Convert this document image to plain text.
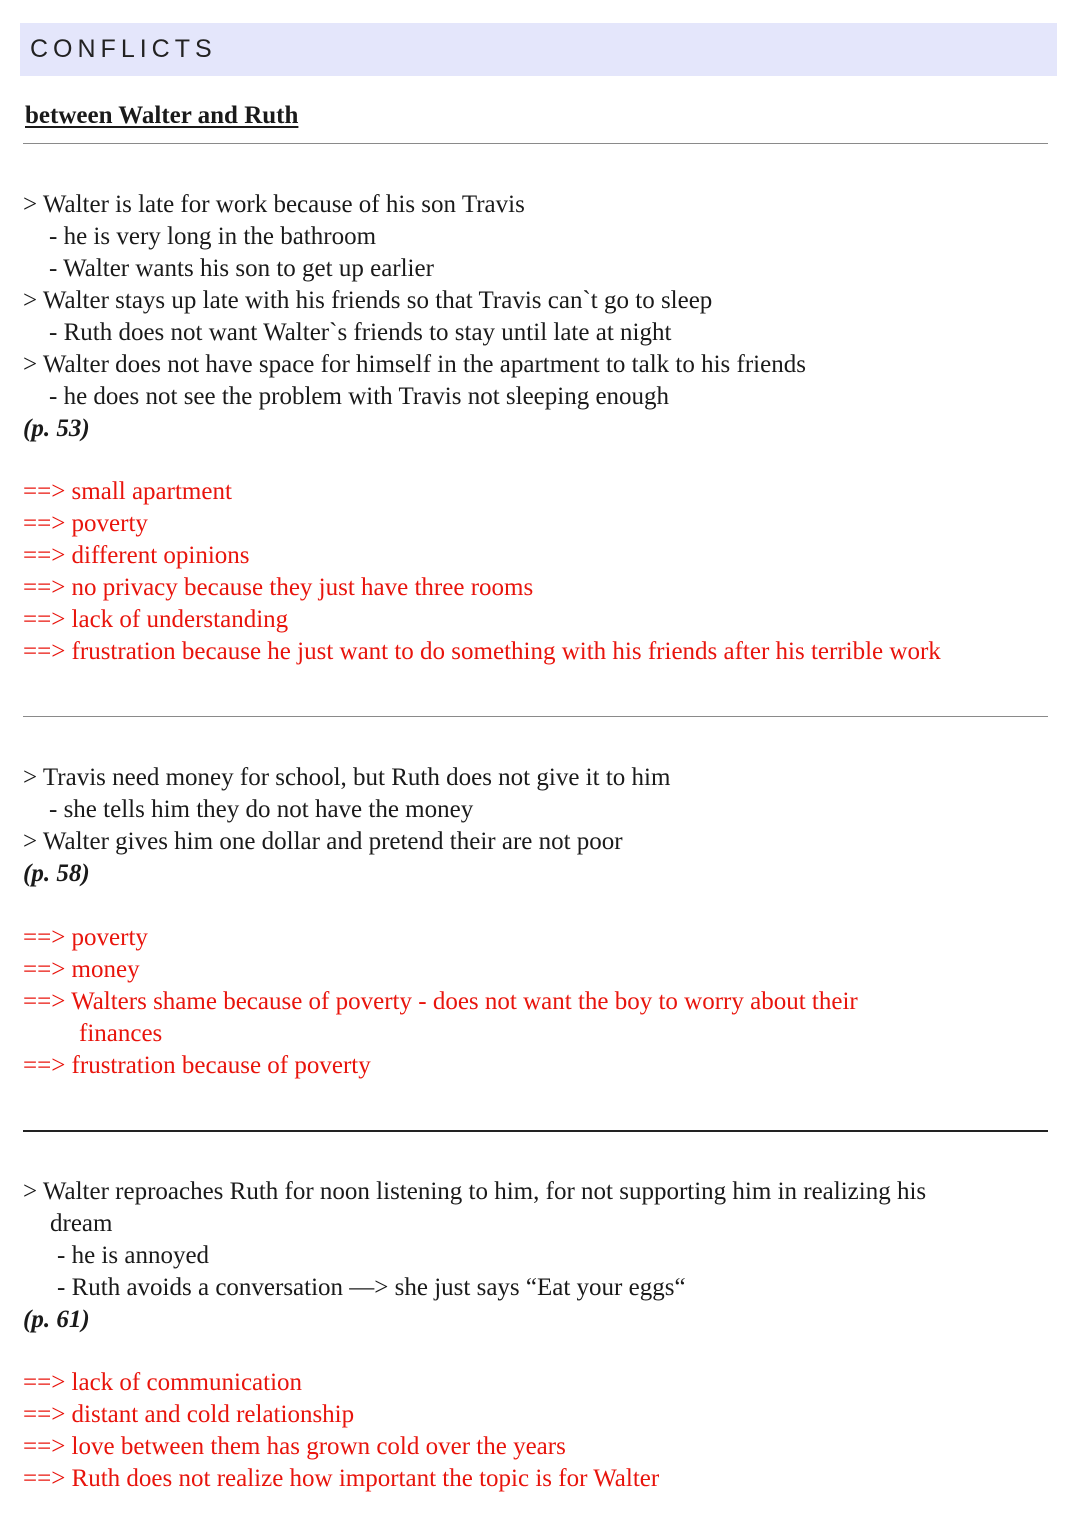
CONFLICTS
between Walter and Ruth
> Walter is late for work because of his son Travis
- he is very long in the bathroom
- Walter wants his son to get up earlier
> Walter stays up late with his friends so that Travis can`t go to sleep
- Ruth does not want Walter`s friends to stay until late at night
> Walter does not have space for himself in the apartment to talk to his friends
- he does not see the problem with Travis not sleeping enough
(p. 53)
==> small apartment
==> poverty
==> different opinions
==> no privacy because they just have three rooms
==> lack of understanding
==> frustration because he just want to do something with his friends after his terrible work
> Travis need money for school, but Ruth does not give it to him
- she tells him they do not have the money
> Walter gives him one dollar and pretend their are not poor
(p. 58)
==> poverty
==> money
==> Walters shame because of poverty - does not want the boy to worry about their
finances
==> frustration because of poverty
> Walter reproaches Ruth for noon listening to him, for not supporting him in realizing his
dream
- he is annoyed
- Ruth avoids a conversation —> she just says “Eat your eggs“
(p. 61)
==> lack of communication
==> distant and cold relationship
==> love between them has grown cold over the years
==> Ruth does not realize how important the topic is for Walter
